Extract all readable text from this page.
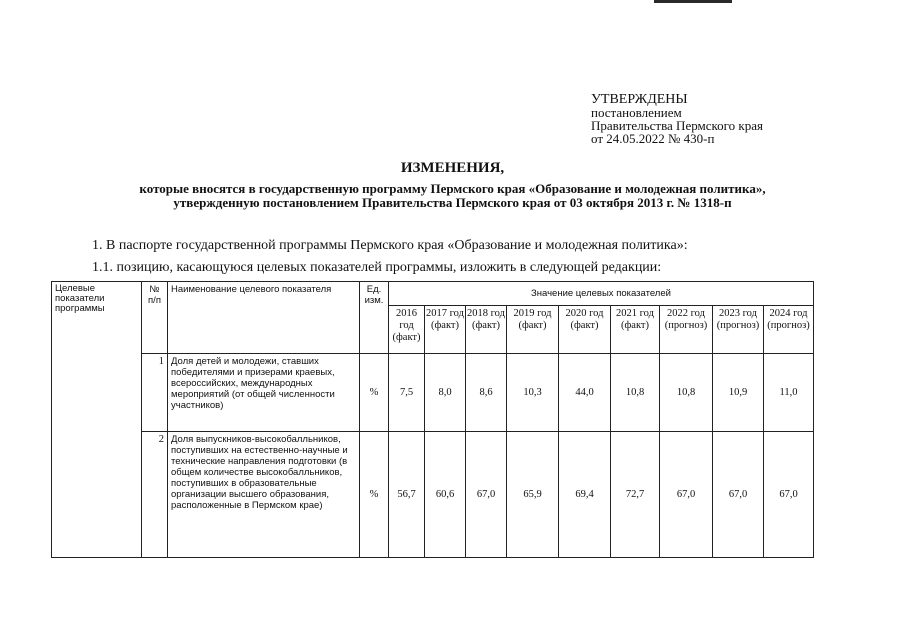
УТВЕРЖДЕНЫ
постановлением
Правительства Пермского края
от 24.05.2022 № 430-п
ИЗМЕНЕНИЯ,
которые вносятся в государственную программу Пермского края «Образование и молодежная политика»,
утвержденную постановлением Правительства Пермского края от 03 октября 2013 г. № 1318-п
1. В паспорте государственной программы Пермского края «Образование и молодежная политика»:
1.1. позицию, касающуюся целевых показателей программы, изложить в следующей редакции:
Целевые показатели программы	№ п/п	Наименование целевого показателя	Ед. изм.	Значение целевых показателей								
				2016 год (факт)	2017 год (факт)	2018 год (факт)	2019 год (факт)	2020 год (факт)	2021 год (факт)	2022 год (прогноз)	2023 год (прогноз)	2024 год (прогноз)
	1	Доля детей и молодежи, ставших победителями и призерами краевых, всероссийских, международных мероприятий (от общей численности участников)	%	7,5	8,0	8,6	10,3	44,0	10,8	10,8	10,9	11,0
	2	Доля выпускников-высокобалльников, поступивших на естественно-научные и технические направления подготовки (в общем количестве высокобалльников, поступивших в образовательные организации высшего образования, расположенные в Пермском крае)	%	56,7	60,6	67,0	65,9	69,4	72,7	67,0	67,0	67,0
